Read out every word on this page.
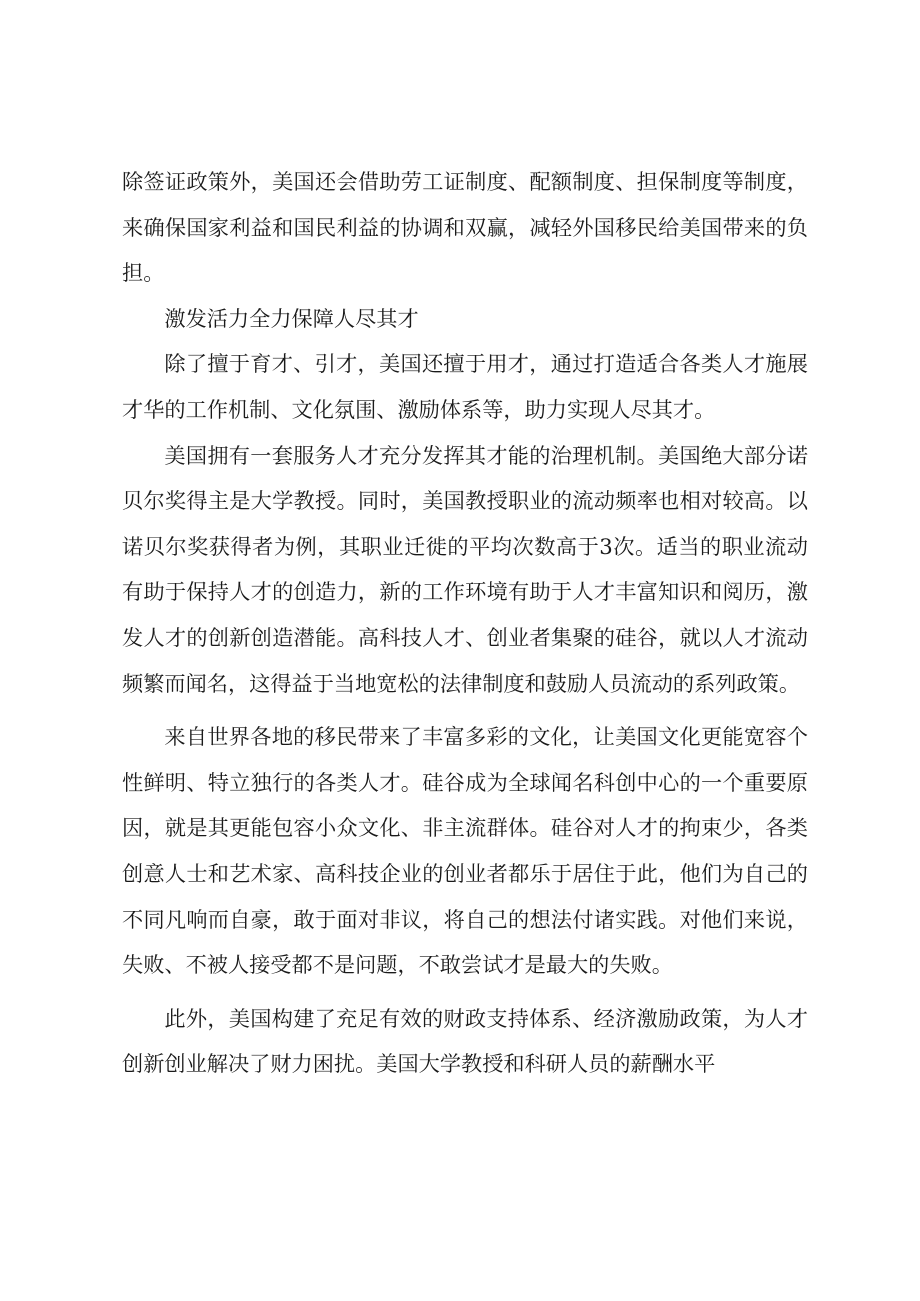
除签证政策外，美国还会借助劳工证制度、配额制度、担保制度等制度，来确保国家利益和国民利益的协调和双赢，减轻外国移民给美国带来的负担。

激发活力全力保障人尽其才

除了擅于育才、引才，美国还擅于用才，通过打造适合各类人才施展才华的工作机制、文化氛围、激励体系等，助力实现人尽其才。

美国拥有一套服务人才充分发挥其才能的治理机制。美国绝大部分诺贝尔奖得主是大学教授。同时，美国教授职业的流动频率也相对较高。以诺贝尔奖获得者为例，其职业迁徙的平均次数高于3次。适当的职业流动有助于保持人才的创造力，新的工作环境有助于人才丰富知识和阅历，激发人才的创新创造潜能。高科技人才、创业者集聚的硅谷，就以人才流动频繁而闻名，这得益于当地宽松的法律制度和鼓励人员流动的系列政策。

来自世界各地的移民带来了丰富多彩的文化，让美国文化更能宽容个性鲜明、特立独行的各类人才。硅谷成为全球闻名科创中心的一个重要原因，就是其更能包容小众文化、非主流群体。硅谷对人才的拘束少，各类创意人士和艺术家、高科技企业的创业者都乐于居住于此，他们为自己的不同凡响而自豪，敢于面对非议，将自己的想法付诸实践。对他们来说，失败、不被人接受都不是问题，不敢尝试才是最大的失败。

此外，美国构建了充足有效的财政支持体系、经济激励政策，为人才创新创业解决了财力困扰。美国大学教授和科研人员的薪酬水平
